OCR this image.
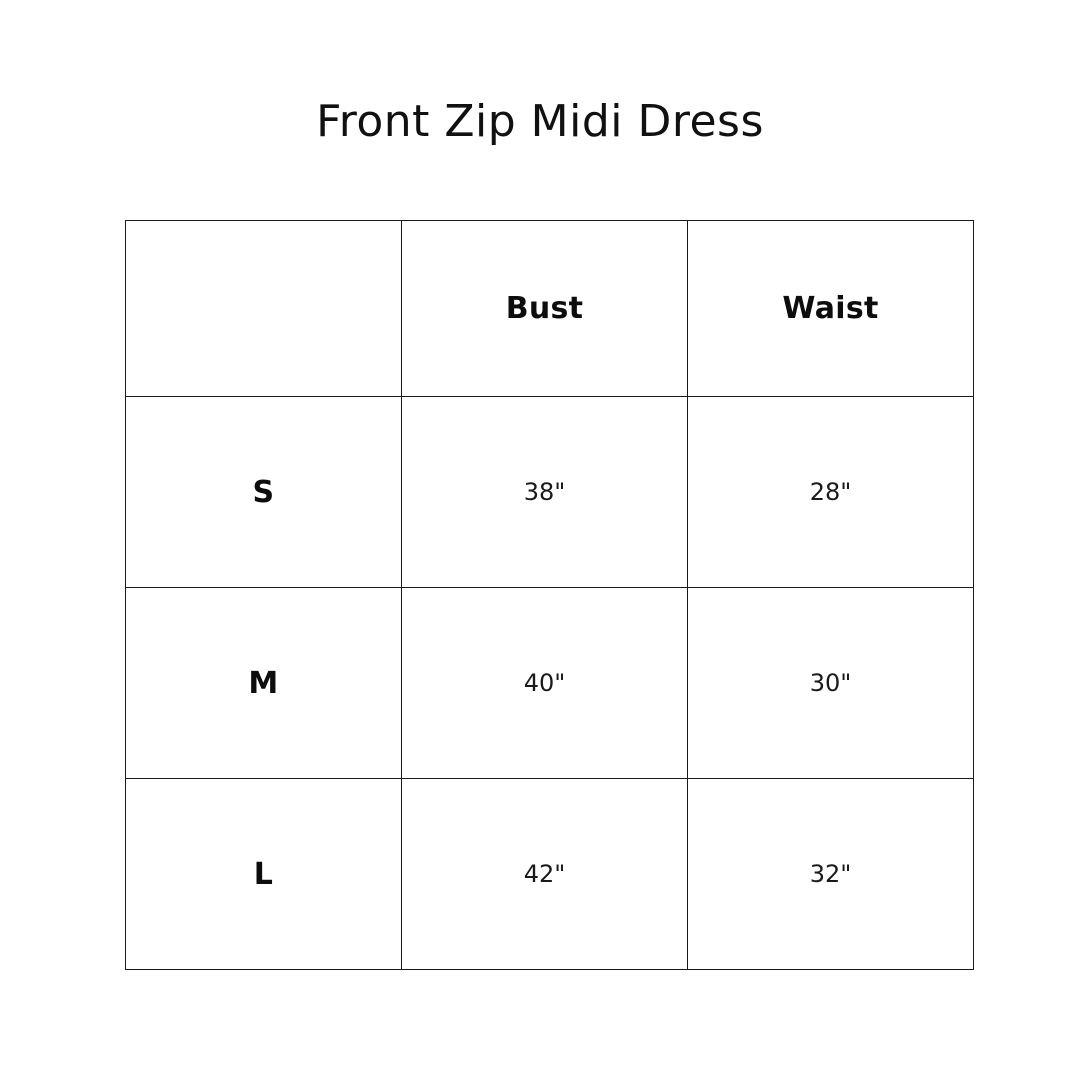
Front Zip Midi Dress
	Bust	Waist
S	38"	28"
M	40"	30"
L	42"	32"
